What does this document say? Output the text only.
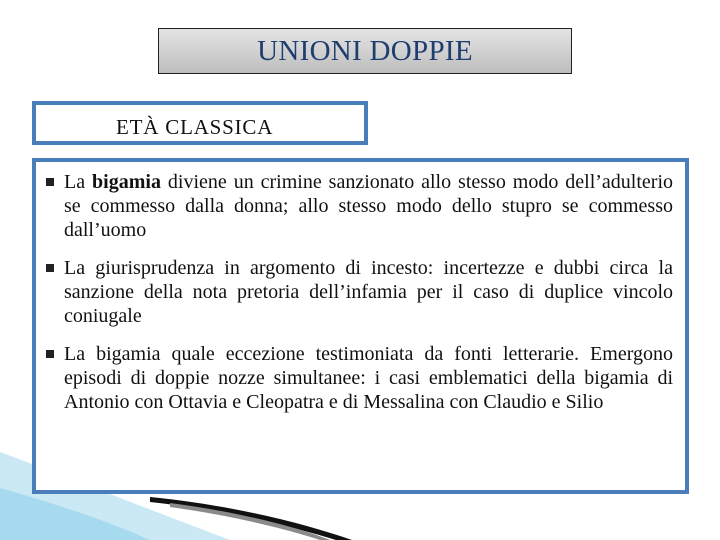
UNIONI DOPPIE
ETÀ CLASSICA
La bigamia diviene un crimine sanzionato allo stesso modo dell’adulterio se commesso dalla donna; allo stesso modo dello stupro se commesso dall’uomo
La giurisprudenza in argomento di incesto: incertezze e dubbi circa la sanzione della nota pretoria dell’infamia per il caso di duplice vincolo coniugale
La bigamia quale eccezione testimoniata da fonti letterarie. Emergono episodi di doppie nozze simultanee: i casi emblematici della bigamia di Antonio con Ottavia e Cleopatra e di Messalina con Claudio e Silio
